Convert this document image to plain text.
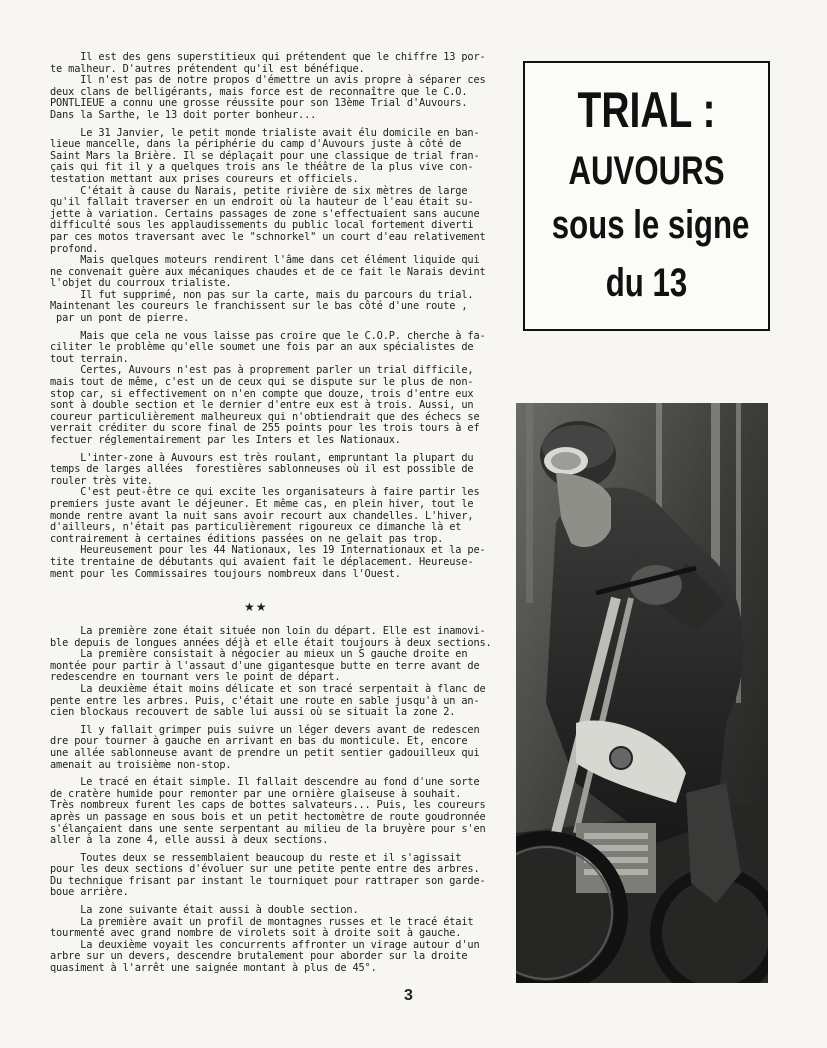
Il est des gens superstitieux qui prétendent que le chiffre 13 por-
te malheur. D'autres prétendent qu'il est bénéfique.
Il n'est pas de notre propos d'émettre un avis propre à séparer ces
deux clans de belligérants, mais force est de reconnaître que le C.O.
PONTLIEUE a connu une grosse réussite pour son 13ème Trial d'Auvours.
Dans la Sarthe, le 13 doit porter bonheur...

Le 31 Janvier, le petit monde trialiste avait élu domicile en ban-
lieue mancelle, dans la périphérie du camp d'Auvours juste à côté de
Saint Mars la Brière. Il se déplaçait pour une classique de trial fran-
çais qui fit il y a quelques trois ans le théâtre de la plus vive con-
testation mettant aux prises coureurs et officiels.
C'était à cause du Narais, petite rivière de six mètres de large
qu'il fallait traverser en un endroit où la hauteur de l'eau était su-
jette à variation. Certains passages de zone s'effectuaient sans aucune
difficulté sous les applaudissements du public local fortement diverti
par ces motos traversant avec le "schnorkel" un court d'eau relativement
profond.
Mais quelques moteurs rendirent l'âme dans cet élément liquide qui
ne convenait guère aux mécaniques chaudes et de ce fait le Narais devint
l'objet du courroux trialiste.
Il fut supprimé, non pas sur la carte, mais du parcours du trial.
Maintenant les coureurs le franchissent sur le bas côté d'une route ,
par un pont de pierre.

Mais que cela ne vous laisse pas croire que le C.O.P. cherche à fa-
ciliter le problème qu'elle soumet une fois par an aux spécialistes de
tout terrain.
Certes, Auvours n'est pas à proprement parler un trial difficile,
mais tout de même, c'est un de ceux qui se dispute sur le plus de non-
stop car, si effectivement on n'en compte que douze, trois d'entre eux
sont à double section et le dernier d'entre eux est à trois. Aussi, un
coureur particulièrement malheureux qui n'obtiendrait que des échecs se
verrait créditer du score final de 255 points pour les trois tours à ef
fectuer réglementairement par les Inters et les Nationaux.

L'inter-zone à Auvours est très roulant, empruntant la plupart du
temps de larges allées  forestières sablonneuses où il est possible de
rouler très vite.
C'est peut-être ce qui excite les organisateurs à faire partir les
premiers juste avant le déjeuner. Et même cas, en plein hiver, tout le
monde rentre avant la nuit sans avoir recourt aux chandelles. L'hiver,
d'ailleurs, n'était pas particulièrement rigoureux ce dimanche là et
contrairement à certaines éditions passées on ne gelait pas trop.
Heureusement pour les 44 Nationaux, les 19 Internationaux et la pe-
tite trentaine de débutants qui avaient fait le déplacement. Heureuse-
ment pour les Commissaires toujours nombreux dans l'Ouest.

★★

La première zone était située non loin du départ. Elle est inamovi-
ble depuis de longues années déjà et elle était toujours à deux sections.
La première consistait à négocier au mieux un S gauche droite en
montée pour partir à l'assaut d'une gigantesque butte en terre avant de
redescendre en tournant vers le point de départ.
La deuxième était moins délicate et son tracé serpentait à flanc de
pente entre les arbres. Puis, c'était une route en sable jusqu'à un an-
cien blockaus recouvert de sable lui aussi où se situait la zone 2.

Il y fallait grimper puis suivre un léger devers avant de redescen
dre pour tourner à gauche en arrivant en bas du monticule. Et, encore
une allée sablonneuse avant de prendre un petit sentier gadouilleux qui
amenait au troisième non-stop.

Le tracé en était simple. Il fallait descendre au fond d'une sorte
de cratère humide pour remonter par une ornière glaiseuse à souhait.
Très nombreux furent les caps de bottes salvateurs... Puis, les coureurs
après un passage en sous bois et un petit hectomètre de route goudronnée
s'élançaient dans une sente serpentant au milieu de la bruyère pour s'en
aller à la zone 4, elle aussi à deux sections.

Toutes deux se ressemblaient beaucoup du reste et il s'agissait
pour les deux sections d'évoluer sur une petite pente entre des arbres.
Du technique frisant par instant le tourniquet pour rattraper son garde-
boue arrière.

La zone suivante était aussi à double section.
La première avait un profil de montagnes russes et le tracé était
tourmenté avec grand nombre de virolets soit à droite soit à gauche.
La deuxième voyait les concurrents affronter un virage autour d'un
arbre sur un devers, descendre brutalement pour aborder sur la droite
quasiment à l'arrêt une saignée montant à plus de 45°.

TRIAL :
AUVOURS
sous le signe
du 13
3
